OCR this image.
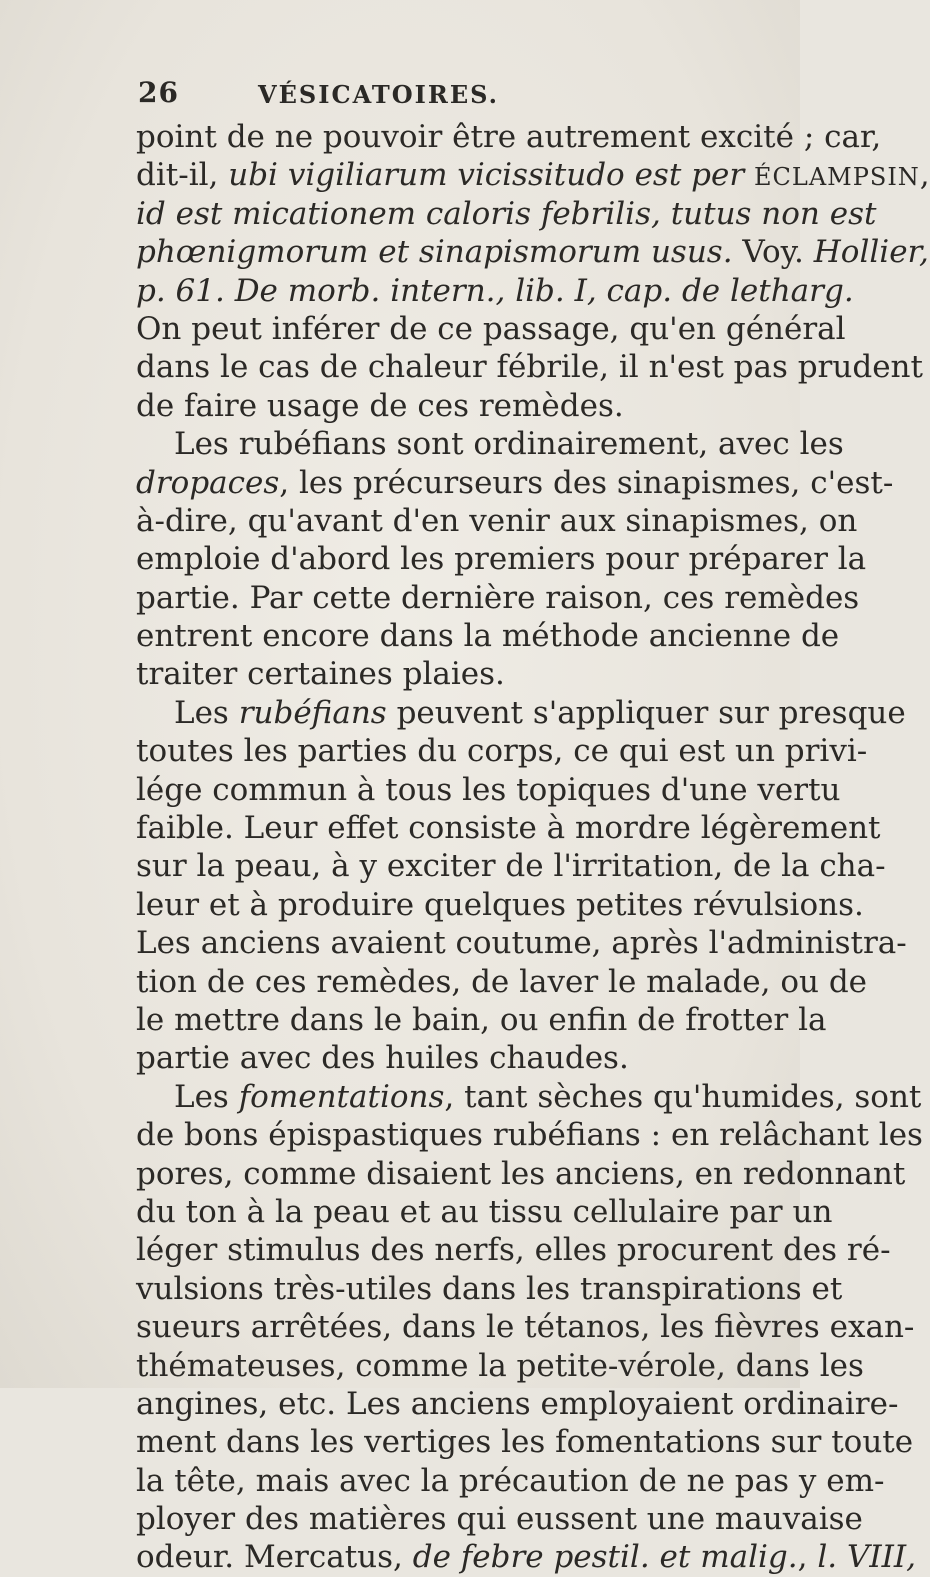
26	VÉSICATOIRES.
point de ne pouvoir être autrement excité ; car,
dit-il, ubi vigiliarum vicissitudo est per ÉCLAMPSIN,
id est micationem caloris febrilis, tutus non est
phœnigmorum et sinapismorum usus. Voy. Hollier,
p. 61. De morb. intern., lib. I, cap. de letharg.
On peut inférer de ce passage, qu'en général
dans le cas de chaleur fébrile, il n'est pas prudent
de faire usage de ces remèdes.
Les rubéfians sont ordinairement, avec les
dropaces, les précurseurs des sinapismes, c'est-
à-dire, qu'avant d'en venir aux sinapismes, on
emploie d'abord les premiers pour préparer la
partie. Par cette dernière raison, ces remèdes
entrent encore dans la méthode ancienne de
traiter certaines plaies.
Les rubéfians peuvent s'appliquer sur presque
toutes les parties du corps, ce qui est un privi-
lége commun à tous les topiques d'une vertu
faible. Leur effet consiste à mordre légèrement
sur la peau, à y exciter de l'irritation, de la cha-
leur et à produire quelques petites révulsions.
Les anciens avaient coutume, après l'administra-
tion de ces remèdes, de laver le malade, ou de
le mettre dans le bain, ou enfin de frotter la
partie avec des huiles chaudes.
Les fomentations, tant sèches qu'humides, sont
de bons épispastiques rubéfians : en relâchant les
pores, comme disaient les anciens, en redonnant
du ton à la peau et au tissu cellulaire par un
léger stimulus des nerfs, elles procurent des ré-
vulsions très-utiles dans les transpirations et
sueurs arrêtées, dans le tétanos, les fièvres exan-
thémateuses, comme la petite-vérole, dans les
angines, etc. Les anciens employaient ordinaire-
ment dans les vertiges les fomentations sur toute
la tête, mais avec la précaution de ne pas y em-
ployer des matières qui eussent une mauvaise
odeur. Mercatus, de febre pestil. et malig., l. VIII,
